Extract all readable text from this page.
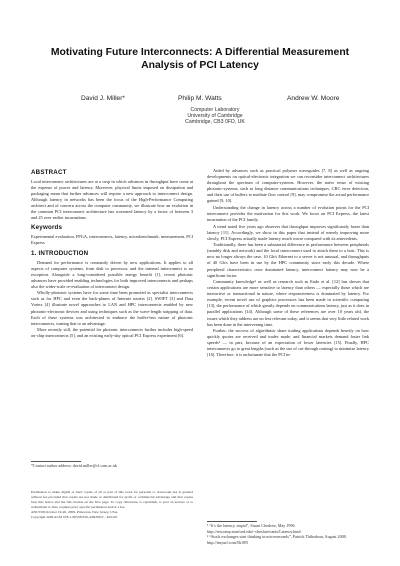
Motivating Future Interconnects: A Differential Measurement Analysis of PCI Latency
David J. Miller*	Philip M. Watts	Andrew W. Moore
Computer Laboratory
University of Cambridge
Cambridge, CB3 0FD, UK
ABSTRACT

Local interconnect architectures are at a cusp in which advances in throughput have come at the expense of power and latency. Moreover, physical limits imposed on dissipation and packaging mean that further advances will require a new approach to interconnect design. Although latency in networks has been the focus of the High-Performance Computing architect and of concern across the computer community, we illustrate how an evolution in the common PCI interconnect architecture has worsened latency by a factor of between 3 and 25 over earlier incarnations.

Keywords

Experimental evaluation, FPGA, interconnects, latency, microbenchmark, measurement, PCI Express

1. INTRODUCTION

Demand for performance is constantly driven by new applications. It applies to all aspects of computer systems, from disk to processor, and the internal interconnect is no exception. Alongside a long-considered possible energy benefit [1], recent photonic advances have provided enabling technologies for both improved interconnects and perhaps also the wider-scale re-evaluation of interconnect design.

Wholly-photonic systems have for some time been promoted as specialist interconnects such as for HPC and even the back-planes of Internet routers [2]. SWIFT [3] and Data Vortex [4] illustrate novel approaches to LAN and HPC interconnects enabled by new photonic-electronic devices and using techniques such as the wave-length stripping of data. Each of these systems was architected to embrace the buffer-less nature of photonic interconnects, turning that to an advantage.

More recently still, the potential for photonic interconnects further includes high-speed on-chip interconnects [5], and an existing early-day optical PCI Express experiment [6].

*Contact author address: david.miller@cl.cam.ac.uk
Permission to make digital or hard copies of all or part of this work for personal or classroom use is granted without fee provided that copies are not made or distributed for profit or commercial advantage and that copies bear this notice and the full citation on the first page. To copy otherwise, to republish, to post on servers or to redistribute to lists, requires prior specific permission and/or a fee.
ANCS'09 October 19-20, 2009, Princeton, New Jersey, USA.
Copyright 2009 ACM 978-1-60558-630-4/09/0010 ...$10.00.

Aided by advances such as practical polymer waveguides [7, 8] as well as ongoing developments on optical-electronic integration we can reconsider interconnect architectures throughout the spectrum of computer-systems. However, the naive reuse of existing photonic-systems, such as long distance communications techniques, CRC error detection, and their use of buffers to mediate flow control [9], may compromise the actual performance gained [9, 10].

Understanding the change in latency across a number of evolution points for the PCI interconnect provides the motivation for this work. We focus on PCI Express, the latest incarnation of the PCI family.

A trend noted five years ago observes that throughput improves significantly faster than latency [11]. Accordingly, we show in this paper that instead of merely improving more slowly, PCI Express actually made latency much worse compared with its antecedents.

Traditionally, there has been a substantial difference in performance between peripherals (notably disk and network) and the local interconnect used to attach them to a host. This is now no longer always the case, 10 Gb/s Ethernet to a server is not unusual, and throughputs of 40 Gb/s have been in use by the HPC community since early this decade. Where peripheral characteristics once dominated latency, interconnect latency may now be a significant factor.

Community knowledge¹ as well as research such as Endo et al. [12] has shown that certain applications are more sensitive to latency than others — especially those which are interactive or transactional in nature, where responsiveness is dominated by latency. For example, recent novel use of graphics processors has been made in scientific computing [13], the performance of which greatly depends on communications latency, just as it does in parallel applications [14]. Although some of these references are over 10 years old, the issues which they address are no less relevant today, and it seems that very little related work has been done in the intervening time.

Further, the success of algorithmic share trading applications depends heavily on how quickly quotes are received and trades made, and financial markets demand faster link speeds² — in part, because of an expectation of lower latencies [15]. Finally, HPC interconnects go to great lengths (such as the use of cut-through routing) to minimize latency [16]. Therefore, it is unfortunate that the PCI in-

¹ “It's the latency, stupid”, Stuart Cheshire, May 1996. http://rescomp.stanford.edu/~cheshire/rants/Latency.html
² “Stock exchanges start thinking in microseconds”, Patrick Thibodeau, August 2008. http://tinyurl.com/5h18N
